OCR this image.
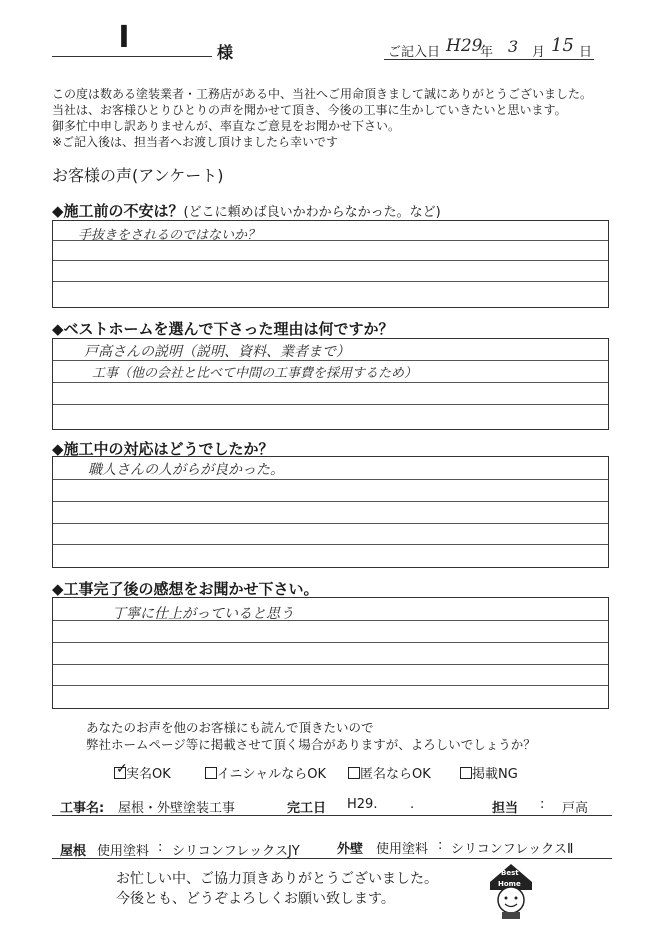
I	様	ご記入日 H29
年 3 月 15 日
この度は数ある塗装業者・工務店がある中、当社へご用命頂きまして誠にありがとうございました。
当社は、お客様ひとりひとりの声を聞かせて頂き、今後の工事に生かしていきたいと思います。
御多忙中申し訳ありませんが、率直なご意見をお聞かせ下さい。
※ご記入後は、担当者へお渡し頂けましたら幸いです
お客様の声(アンケート)
◆施工前の不安は？(どこに頼めば良いかわからなかった。など)
手抜きをされるのではないか？
◆ベストホームを選んで下さった理由は何ですか？
戸高さんの説明（説明、資料、業者まで）
工事（他の会社と比べて中間の工事費を採用するため）
◆施工中の対応はどうでしたか？
職人さんの人がらが良かった。
◆工事完了後の感想をお聞かせ下さい。
丁寧に仕上がっていると思う
あなたのお声を他のお客様にも読んで頂きたいので
弊社ホームページ等に掲載させて頂く場合がありますが、よろしいでしょうか？
✓
実名OK	イニシャルならOK	匿名ならOK	掲載NG
工事名: 屋根・外壁塗装工事	完工日 H29.	.	担当 : 戸高
屋根 使用塗料 : シリコンフレックスJY	外壁 使用塗料 : シリコンフレックスⅡ
お忙しい中、ご協力頂きありがとうございました。
今後とも、どうぞよろしくお願い致します。
Best
Home
